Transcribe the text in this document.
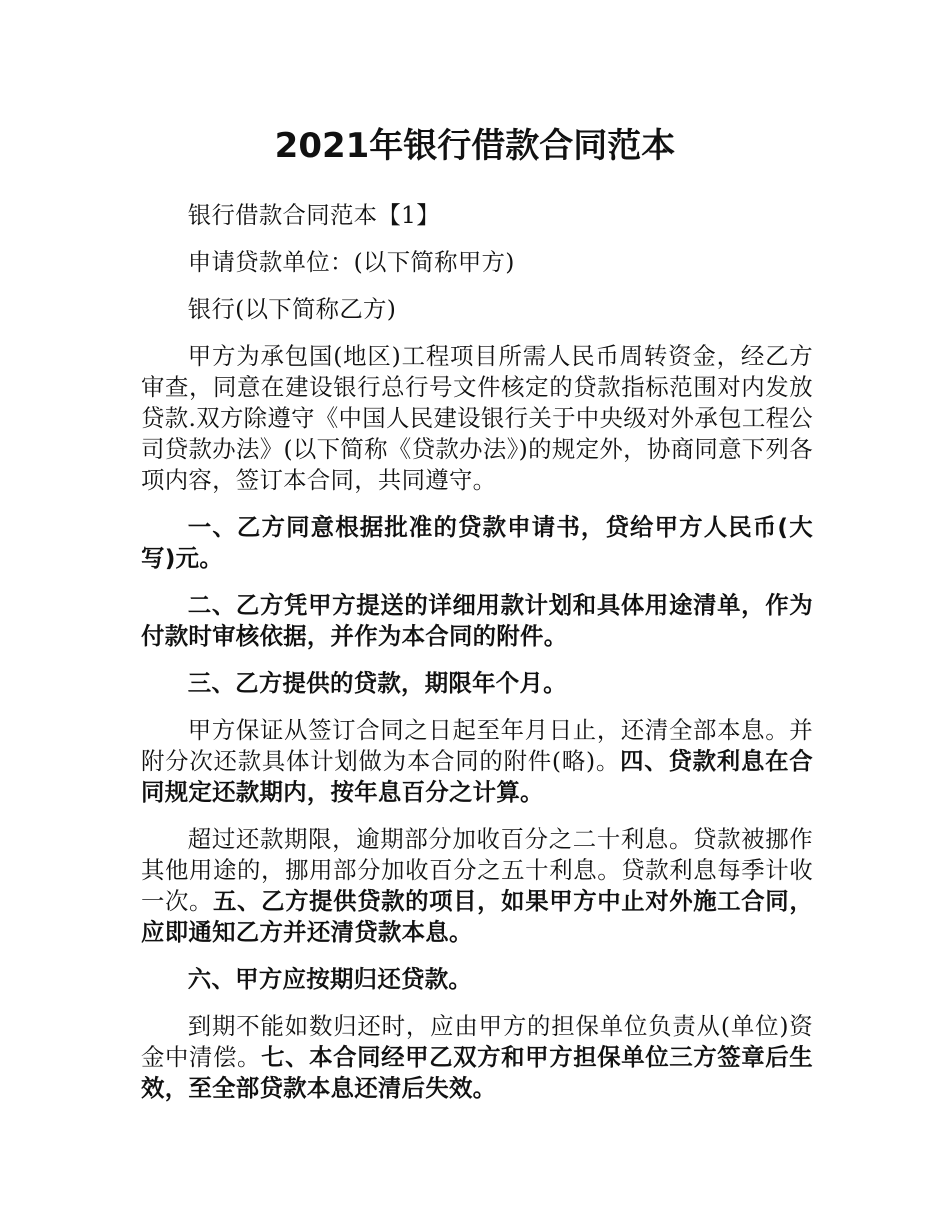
2021年银行借款合同范本

银行借款合同范本【1】

申请贷款单位：(以下简称甲方)

银行(以下简称乙方)

甲方为承包国(地区)工程项目所需人民币周转资金，经乙方审查，同意在建设银行总行号文件核定的贷款指标范围对内发放贷款.双方除遵守《中国人民建设银行关于中央级对外承包工程公司贷款办法》(以下简称《贷款办法》)的规定外，协商同意下列各项内容，签订本合同，共同遵守。

一、乙方同意根据批准的贷款申请书，贷给甲方人民币(大写)元。

二、乙方凭甲方提送的详细用款计划和具体用途清单，作为付款时审核依据，并作为本合同的附件。

三、乙方提供的贷款，期限年个月。

甲方保证从签订合同之日起至年月日止，还清全部本息。并附分次还款具体计划做为本合同的附件(略)。四、贷款利息在合同规定还款期内，按年息百分之计算。

超过还款期限，逾期部分加收百分之二十利息。贷款被挪作其他用途的，挪用部分加收百分之五十利息。贷款利息每季计收一次。五、乙方提供贷款的项目，如果甲方中止对外施工合同，应即通知乙方并还清贷款本息。

六、甲方应按期归还贷款。

到期不能如数归还时，应由甲方的担保单位负责从(单位)资金中清偿。七、本合同经甲乙双方和甲方担保单位三方签章后生效，至全部贷款本息还清后失效。
